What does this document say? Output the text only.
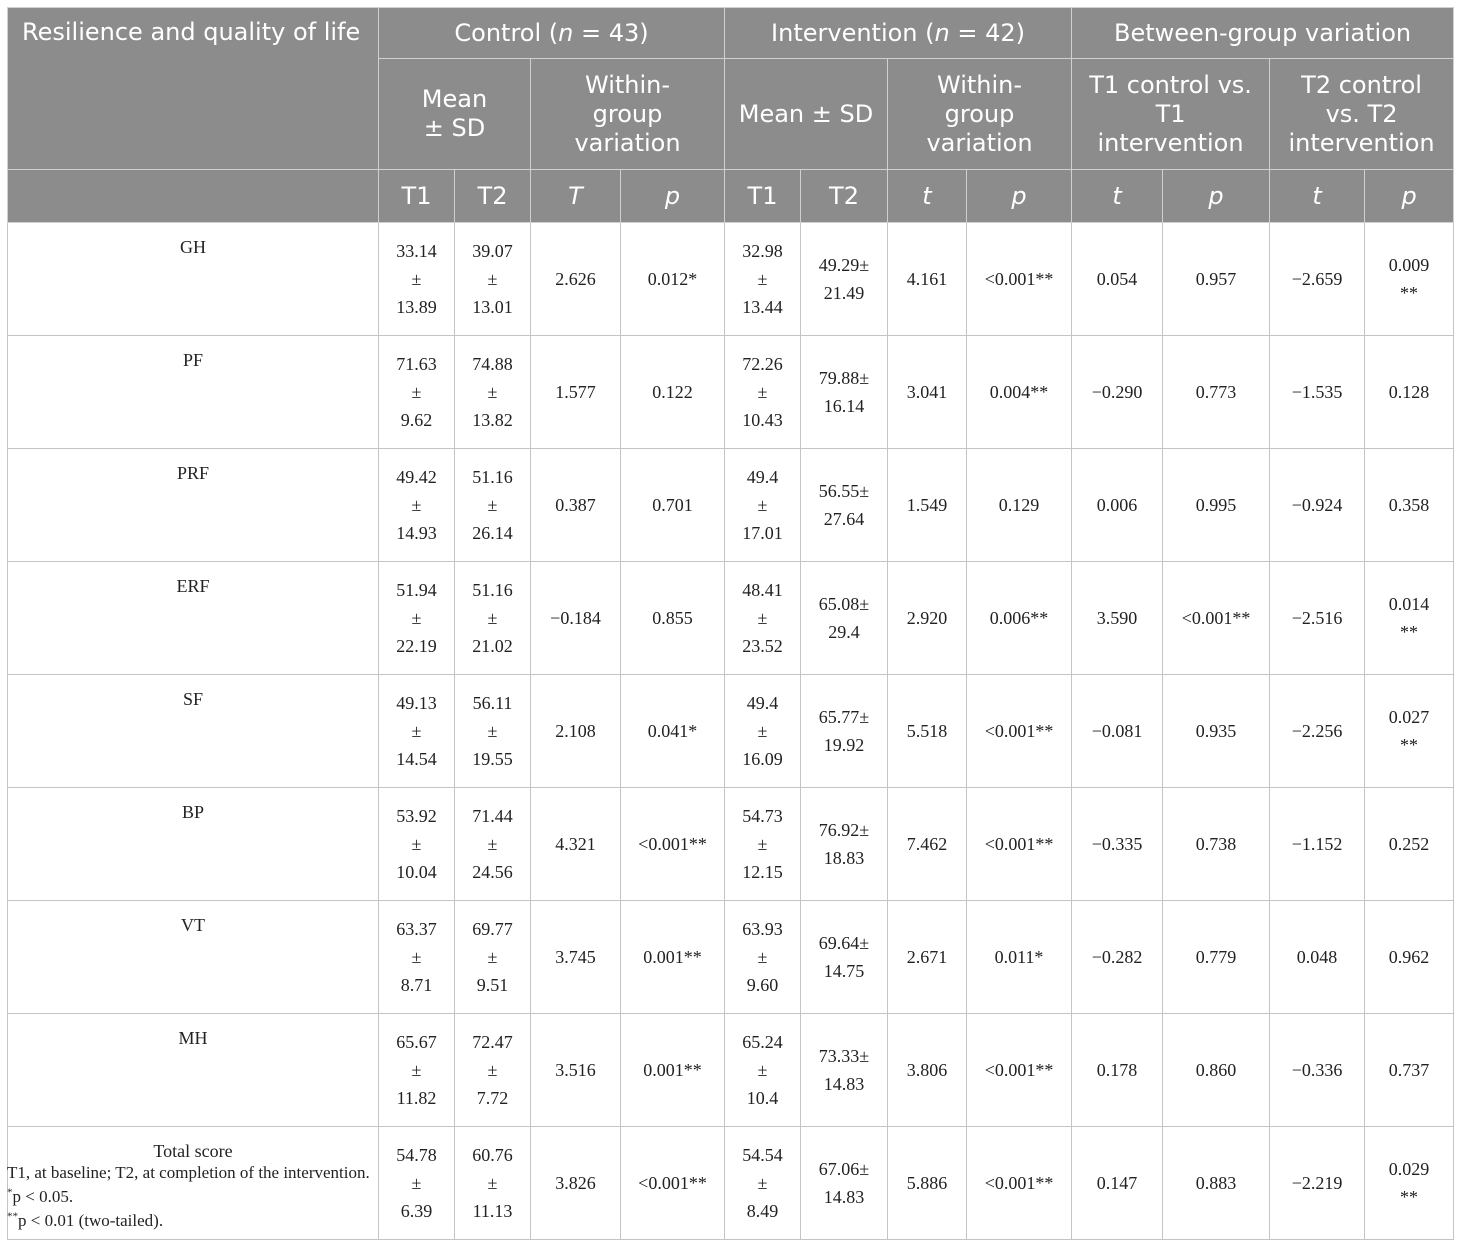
Resilience and quality of life	Control (n = 43)				Intervention (n = 42)				Between-group variation			
	Mean
± SD		Within-
group
variation		Mean ± SD		Within-
group
variation		T1 control vs.
T1
intervention		T2 control
vs. T2
intervention	
	T1	T2	T	p	T1	T2	t	p	t	p	t	p
GH	33.14
±
13.89	39.07
±
13.01	2.626	0.012*	32.98
±
13.44	49.29±
21.49	4.161	<0.001**	0.054	0.957	−2.659	0.009
**
PF	71.63
±
9.62	74.88
±
13.82	1.577	0.122	72.26
±
10.43	79.88±
16.14	3.041	0.004**	−0.290	0.773	−1.535	0.128
PRF	49.42
±
14.93	51.16
±
26.14	0.387	0.701	49.4
±
17.01	56.55±
27.64	1.549	0.129	0.006	0.995	−0.924	0.358
ERF	51.94
±
22.19	51.16
±
21.02	−0.184	0.855	48.41
±
23.52	65.08±
29.4	2.920	0.006**	3.590	<0.001**	−2.516	0.014
**
SF	49.13
±
14.54	56.11
±
19.55	2.108	0.041*	49.4
±
16.09	65.77±
19.92	5.518	<0.001**	−0.081	0.935	−2.256	0.027
**
BP	53.92
±
10.04	71.44
±
24.56	4.321	<0.001**	54.73
±
12.15	76.92±
18.83	7.462	<0.001**	−0.335	0.738	−1.152	0.252
VT	63.37
±
8.71	69.77
±
9.51	3.745	0.001**	63.93
±
9.60	69.64±
14.75	2.671	0.011*	−0.282	0.779	0.048	0.962
MH	65.67
±
11.82	72.47
±
7.72	3.516	0.001**	65.24
±
10.4	73.33±
14.83	3.806	<0.001**	0.178	0.860	−0.336	0.737
Total score	54.78
±
6.39	60.76
±
11.13	3.826	<0.001**	54.54
±
8.49	67.06±
14.83	5.886	<0.001**	0.147	0.883	−2.219	0.029
**
T1, at baseline; T2, at completion of the intervention.
*p < 0.05.
**p < 0.01 (two-tailed).
